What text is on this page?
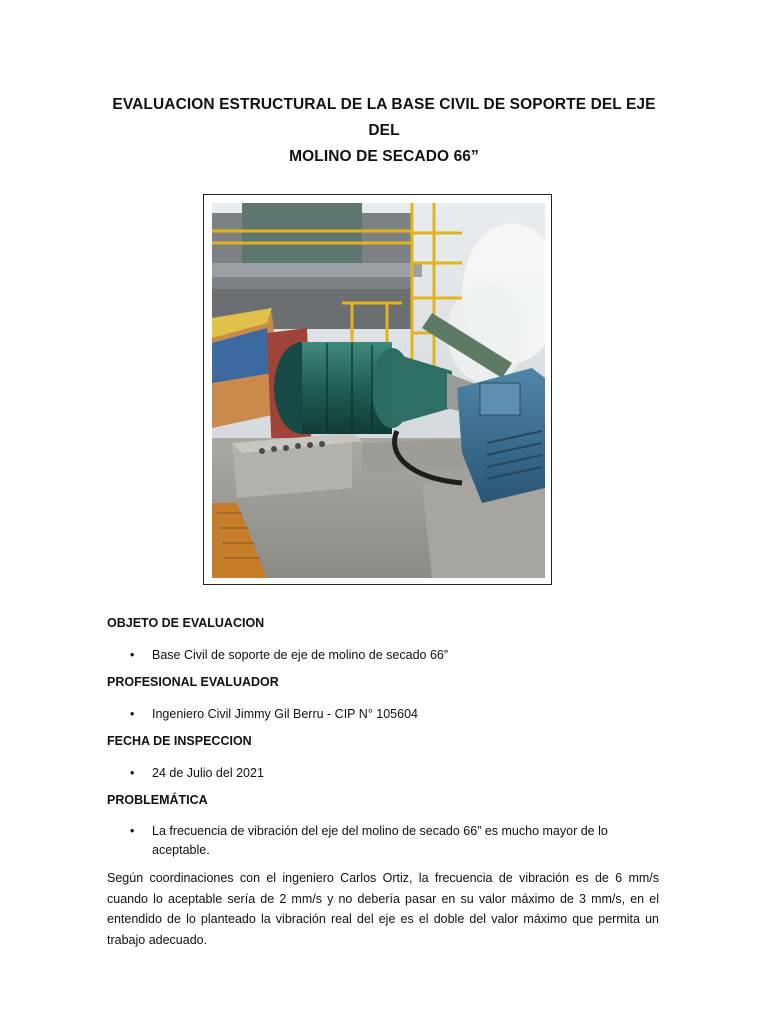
EVALUACION ESTRUCTURAL DE LA BASE CIVIL DE SOPORTE DEL EJE DEL
MOLINO DE SECADO 66”
OBJETO DE EVALUACION
• Base Civil de soporte de eje de molino de secado 66”
PROFESIONAL EVALUADOR
• Ingeniero Civil Jimmy Gil Berru - CIP N° 105604
FECHA DE INSPECCION
• 24 de Julio del 2021
PROBLEMÁTICA
• La frecuencia de vibración del eje del molino de secado 66” es mucho mayor de lo
aceptable.
Según coordinaciones con el ingeniero Carlos Ortiz, la frecuencia de vibración es de 6 mm/s cuando lo aceptable sería de 2 mm/s y no debería pasar en su valor máximo de 3 mm/s, en el entendido de lo planteado la vibración real del eje es el doble del valor máximo que permita un trabajo adecuado.
